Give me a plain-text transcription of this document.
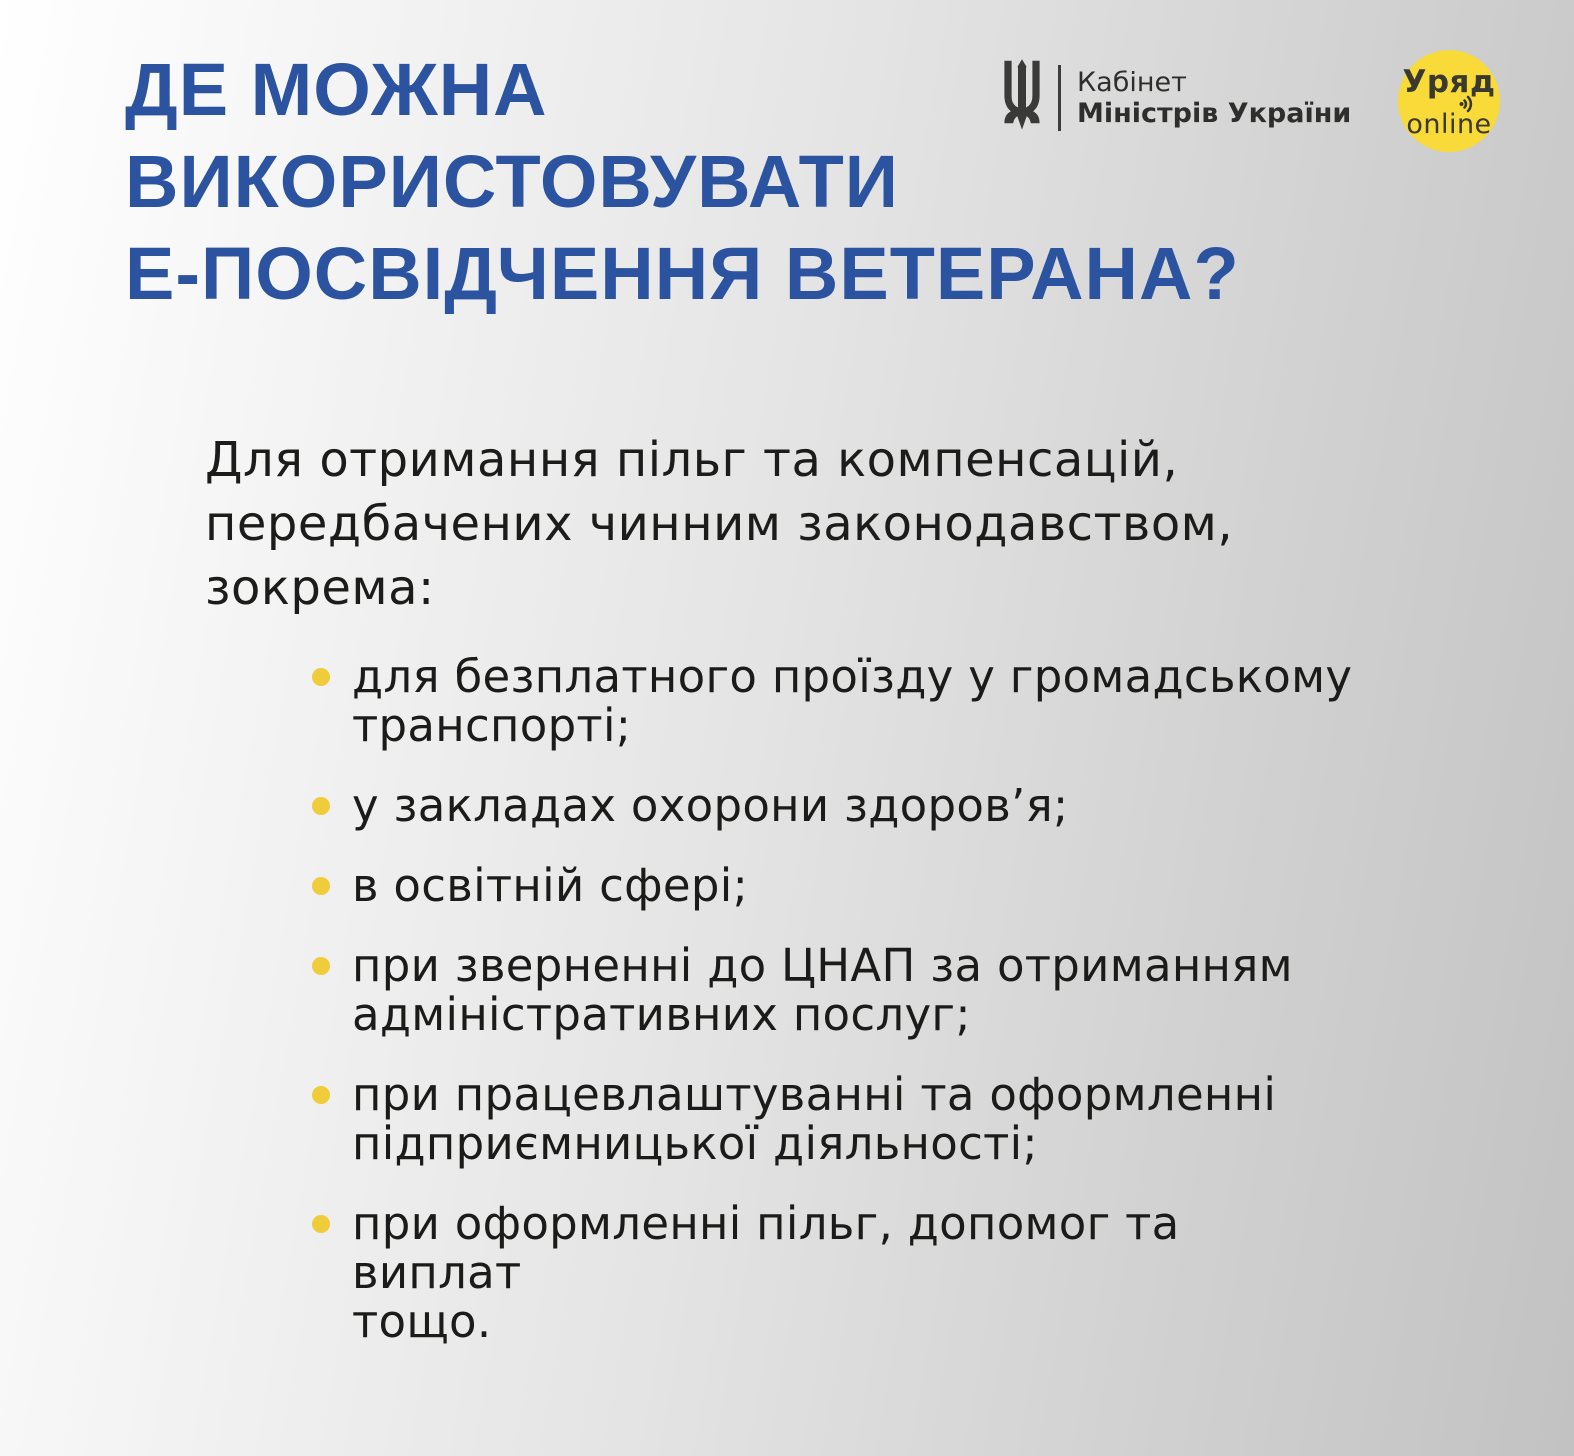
ДЕ МОЖНА
ВИКОРИСТОВУВАТИ
Е-ПОСВІДЧЕННЯ ВЕТЕРАНА?
Кабінет
Міністрів України
Уряд
online
Для отримання пільг та компенсацій,
передбачених чинним законодавством,
зокрема:
для безплатного проїзду у громадському
транспорті;
у закладах охорони здоров’я;
в освітній сфері;
при зверненні до ЦНАП за отриманням
адміністративних послуг;
при працевлаштуванні та оформленні
підприємницької діяльності;
при оформленні пільг, допомог та виплат
тощо.
